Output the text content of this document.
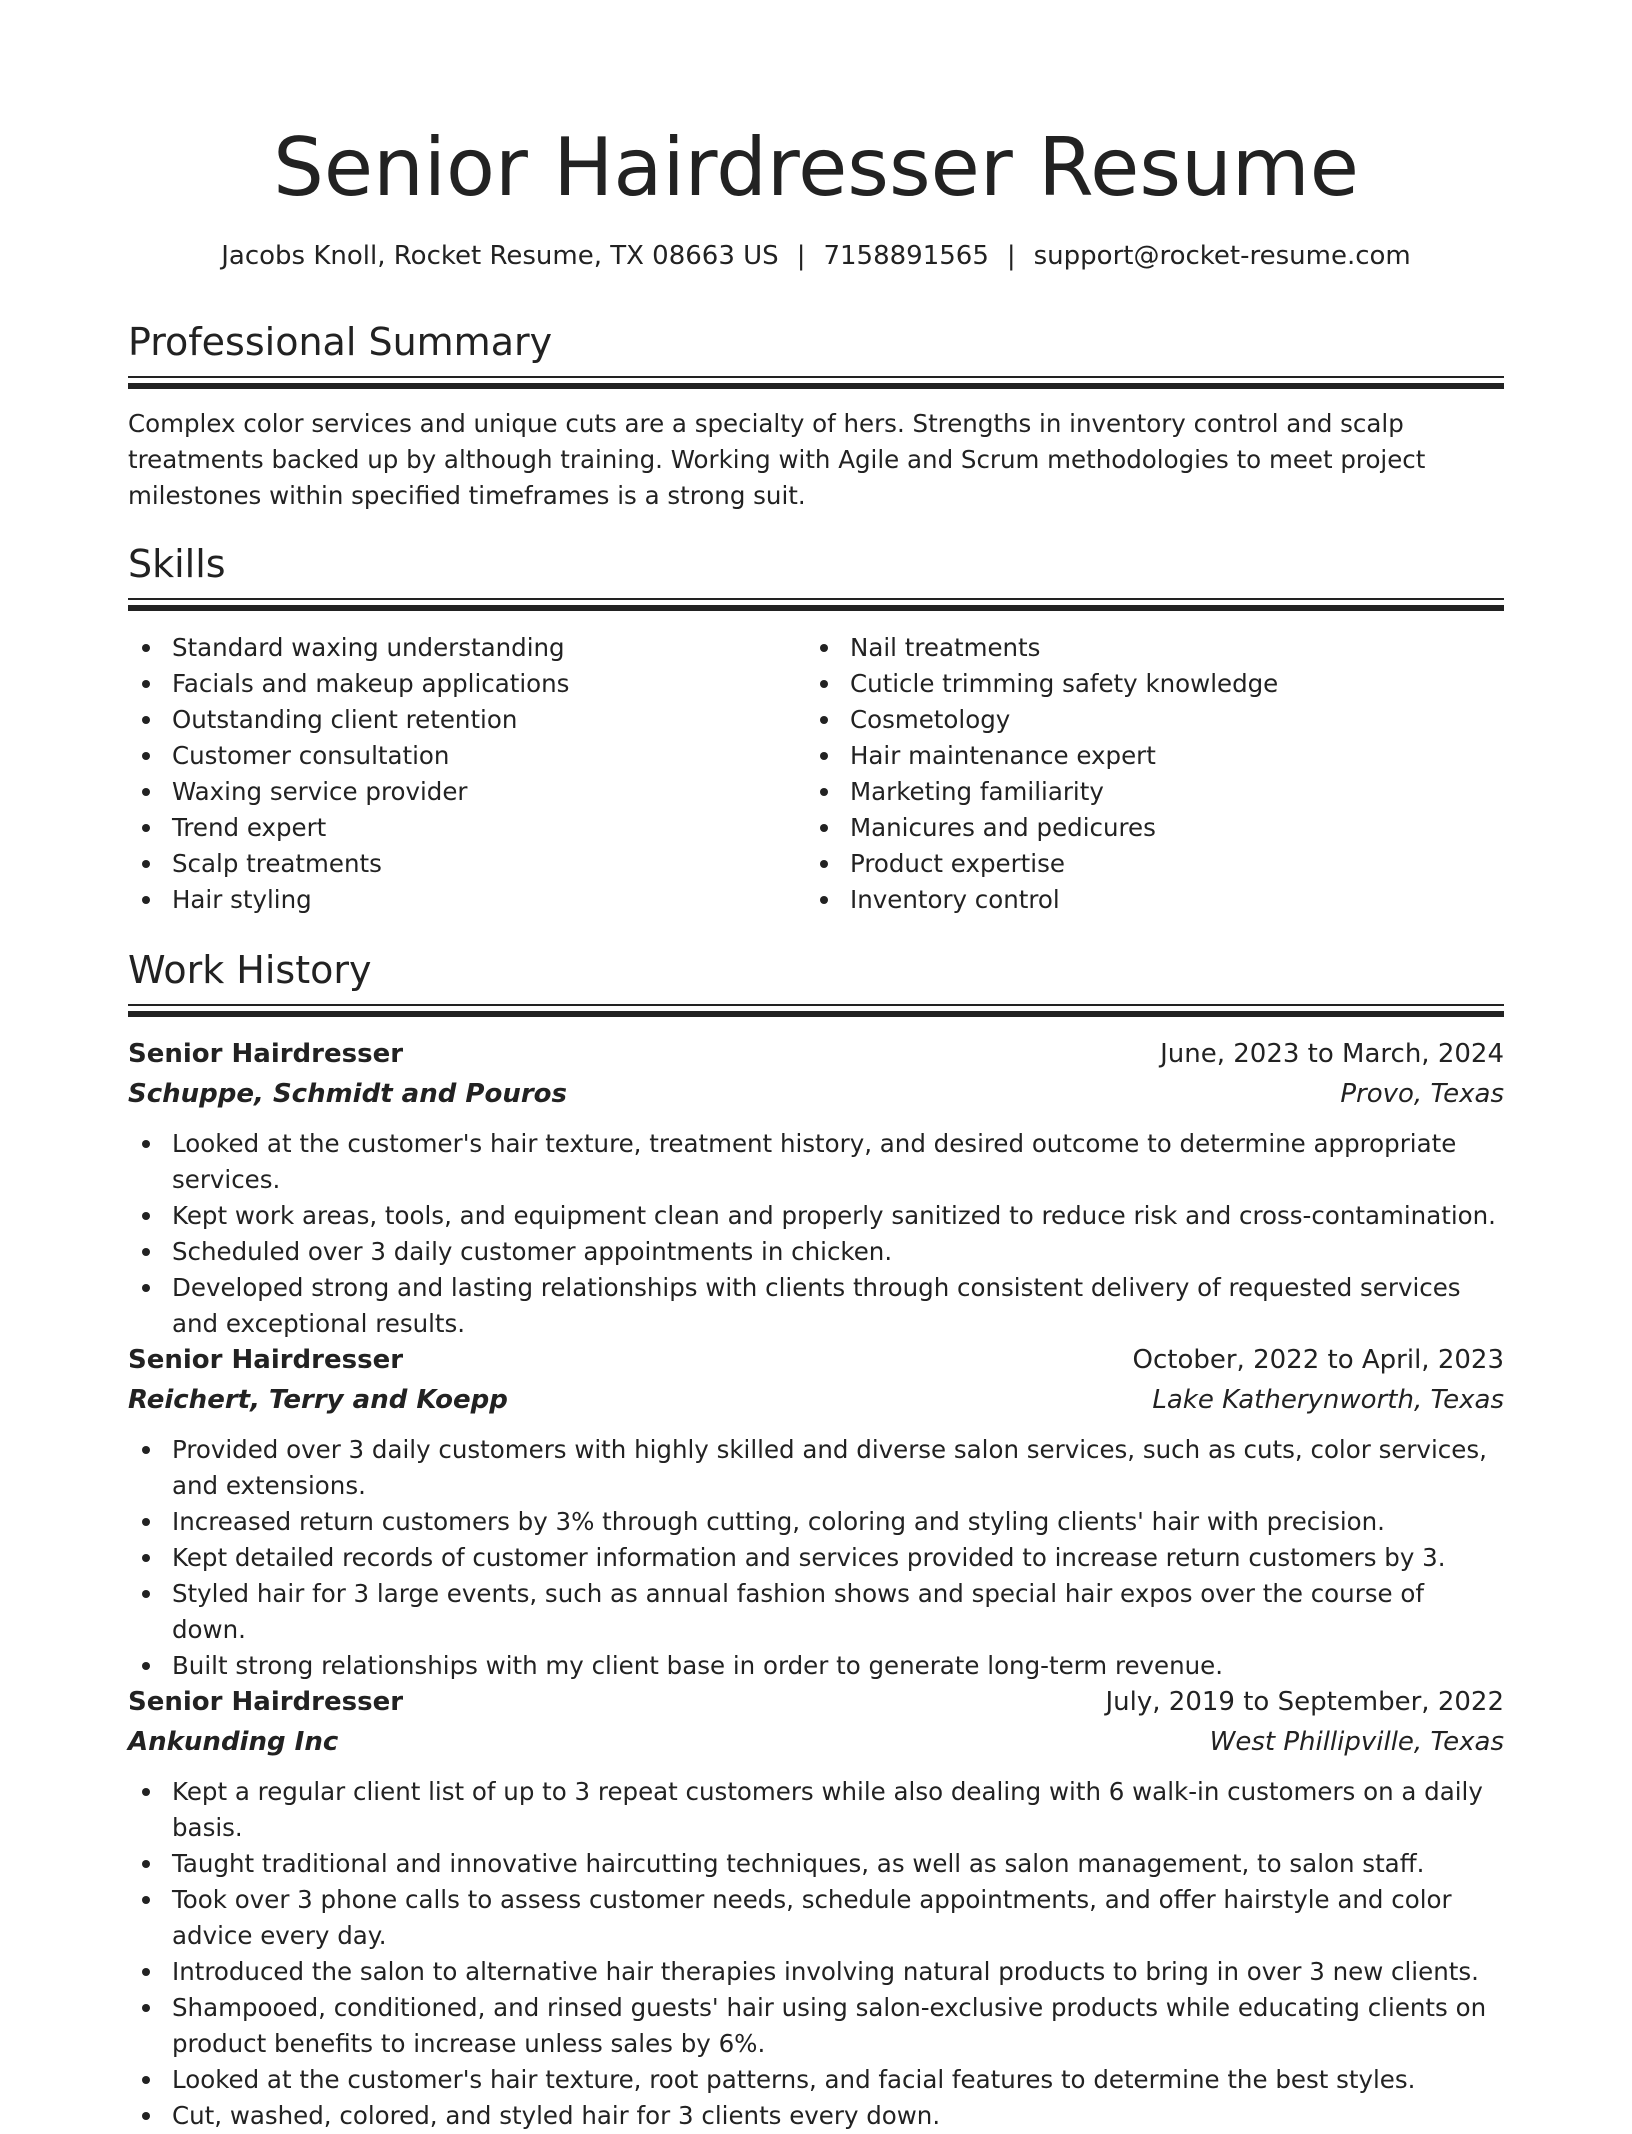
Senior Hairdresser Resume
Jacobs Knoll, Rocket Resume, TX 08663 US | 7158891565 | support@rocket-resume.com
Professional Summary

Complex color services and unique cuts are a specialty of hers. Strengths in inventory control and scalp treatments backed up by although training. Working with Agile and Scrum methodologies to meet project milestones within specified timeframes is a strong suit.

Skills
Standard waxing understanding
Facials and makeup applications
Outstanding client retention
Customer consultation
Waxing service provider
Trend expert
Scalp treatments
Hair styling
Nail treatments
Cuticle trimming safety knowledge
Cosmetology
Hair maintenance expert
Marketing familiarity
Manicures and pedicures
Product expertise
Inventory control
Work History
Senior Hairdresser	June, 2023 to March, 2024
Schuppe, Schmidt and Pouros	Provo, Texas
Looked at the customer's hair texture, treatment history, and desired outcome to determine appropriate services.
Kept work areas, tools, and equipment clean and properly sanitized to reduce risk and cross-contamination.
Scheduled over 3 daily customer appointments in chicken.
Developed strong and lasting relationships with clients through consistent delivery of requested services and exceptional results.
Senior Hairdresser	October, 2022 to April, 2023
Reichert, Terry and Koepp	Lake Katherynworth, Texas
Provided over 3 daily customers with highly skilled and diverse salon services, such as cuts, color services, and extensions.
Increased return customers by 3% through cutting, coloring and styling clients' hair with precision.
Kept detailed records of customer information and services provided to increase return customers by 3.
Styled hair for 3 large events, such as annual fashion shows and special hair expos over the course of down.
Built strong relationships with my client base in order to generate long-term revenue.
Senior Hairdresser	July, 2019 to September, 2022
Ankunding Inc	West Phillipville, Texas
Kept a regular client list of up to 3 repeat customers while also dealing with 6 walk-in customers on a daily basis.
Taught traditional and innovative haircutting techniques, as well as salon management, to salon staff.
Took over 3 phone calls to assess customer needs, schedule appointments, and offer hairstyle and color advice every day.
Introduced the salon to alternative hair therapies involving natural products to bring in over 3 new clients.
Shampooed, conditioned, and rinsed guests' hair using salon-exclusive products while educating clients on product benefits to increase unless sales by 6%.
Looked at the customer's hair texture, root patterns, and facial features to determine the best styles.
Cut, washed, colored, and styled hair for 3 clients every down.
